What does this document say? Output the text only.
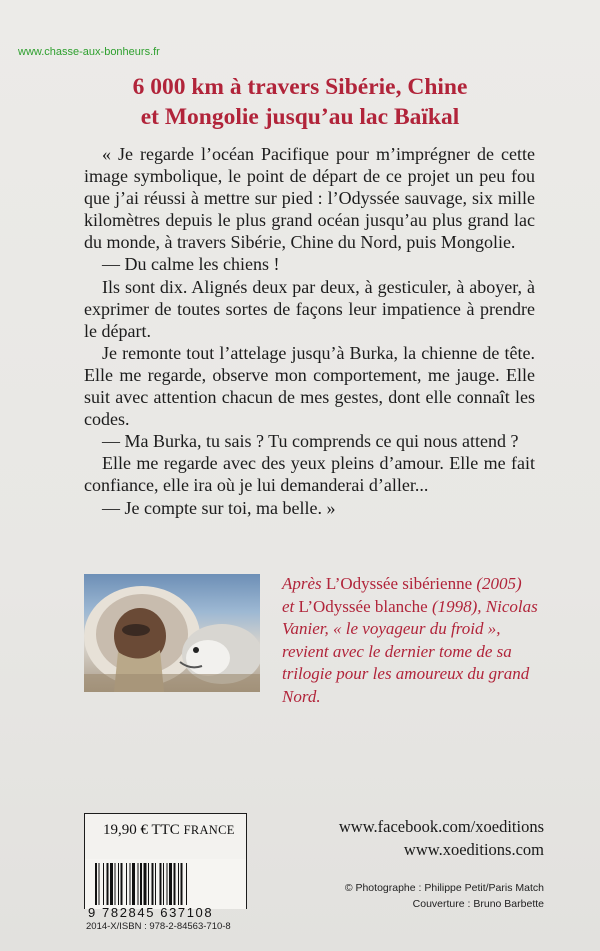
www.chasse-aux-bonheurs.fr
6 000 km à travers Sibérie, Chine
et Mongolie jusqu’au lac Baïkal

« Je regarde l’océan Pacifique pour m’imprégner de cette image symbolique, le point de départ de ce projet un peu fou que j’ai réussi à mettre sur pied : l’Odyssée sauvage, six mille kilomètres depuis le plus grand océan jusqu’au plus grand lac du monde, à travers Sibérie, Chine du Nord, puis Mongolie.

— Du calme les chiens !

Ils sont dix. Alignés deux par deux, à gesticuler, à aboyer, à exprimer de toutes sortes de façons leur impatience à prendre le départ.

Je remonte tout l’attelage jusqu’à Burka, la chienne de tête. Elle me regarde, observe mon comportement, me jauge. Elle suit avec attention chacun de mes gestes, dont elle connaît les codes.

— Ma Burka, tu sais ? Tu comprends ce qui nous attend ?

Elle me regarde avec des yeux pleins d’amour. Elle me fait confiance, elle ira où je lui demanderai d’aller...

— Je compte sur toi, ma belle. »

Après L’Odyssée sibérienne (2005) et L’Odyssée blanche (1998), Nicolas Vanier, « le voyageur du froid », revient avec le dernier tome de sa trilogie pour les amoureux du grand Nord.
19,90 € TTC FRANCE
9 782845 637108
2014-X/ISBN : 978-2-84563-710-8
www.facebook.com/xoeditions
www.xoeditions.com
© Photographe : Philippe Petit/Paris Match
Couverture : Bruno Barbette
